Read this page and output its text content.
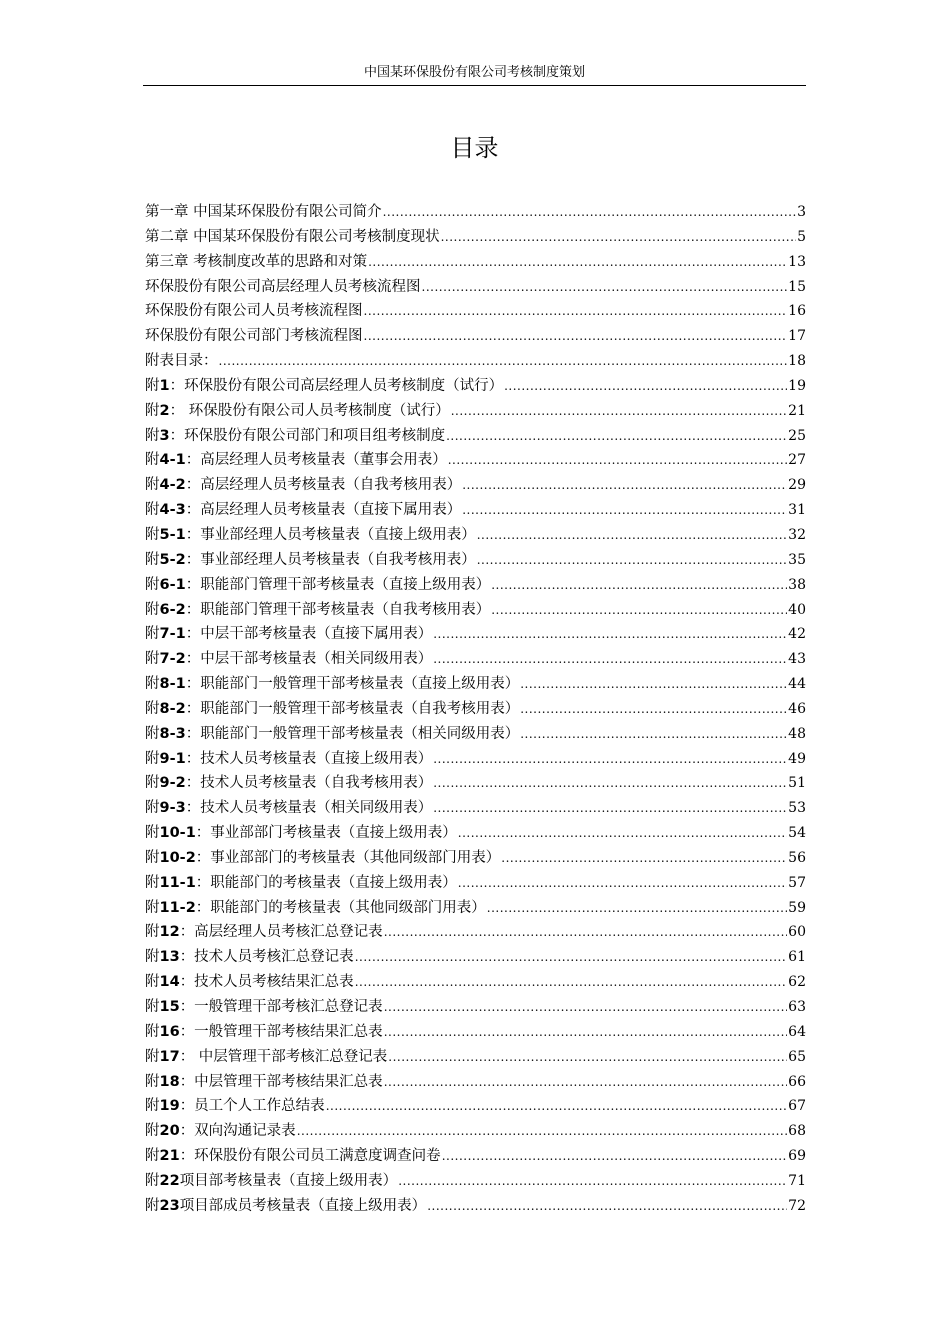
中国某环保股份有限公司考核制度策划
目录
第一章 中国某环保股份有限公司简介 .....	3
第二章 中国某环保股份有限公司考核制度现状 .....	5
第三章 考核制度改革的思路和对策 .....	13
环保股份有限公司高层经理人员考核流程图 .....	15
环保股份有限公司人员考核流程图 .....	16
环保股份有限公司部门考核流程图 .....	17
附表目录： .....	18
附 1 ：环保股份有限公司高层经理人员考核制度（试行） .....	19
附 2 ： 环保股份有限公司人员考核制度（试行） .....	21
附 3 ：环保股份有限公司部门和项目组考核制度 .....	25
附 4-1 ：高层经理人员考核量表（董事会用表） .....	27
附 4-2 ：高层经理人员考核量表（自我考核用表） .....	29
附 4-3 ：高层经理人员考核量表（直接下属用表） .....	31
附 5-1 ：事业部经理人员考核量表（直接上级用表） .....	32
附 5-2 ：事业部经理人员考核量表（自我考核用表） .....	35
附 6-1 ：职能部门管理干部考核量表（直接上级用表） .....	38
附 6-2 ：职能部门管理干部考核量表（自我考核用表） .....	40
附 7-1 ：中层干部考核量表（直接下属用表） .....	42
附 7-2 ：中层干部考核量表（相关同级用表） .....	43
附 8-1 ：职能部门一般管理干部考核量表（直接上级用表） .....	44
附 8-2 ：职能部门一般管理干部考核量表（自我考核用表） .....	46
附 8-3 ：职能部门一般管理干部考核量表（相关同级用表） .....	48
附 9-1 ：技术人员考核量表（直接上级用表） .....	49
附 9-2 ：技术人员考核量表（自我考核用表） .....	51
附 9-3 ：技术人员考核量表（相关同级用表） .....	53
附 10-1 ：事业部部门考核量表（直接上级用表） .....	54
附 10-2 ：事业部部门的考核量表（其他同级部门用表） .....	56
附 11-1 ：职能部门的考核量表（直接上级用表） .....	57
附 11-2 ：职能部门的考核量表（其他同级部门用表） .....	59
附 12 ：高层经理人员考核汇总登记表 .....	60
附 13 ：技术人员考核汇总登记表 .....	61
附 14 ：技术人员考核结果汇总表 .....	62
附 15 ：一般管理干部考核汇总登记表 .....	63
附 16 ：一般管理干部考核结果汇总表 .....	64
附 17 ： 中层管理干部考核汇总登记表 .....	65
附 18 ：中层管理干部考核结果汇总表 .....	66
附 19 ：员工个人工作总结表 .....	67
附 20 ：双向沟通记录表 .....	68
附 21 ：环保股份有限公司员工满意度调查问卷 .....	69
附 22 项目部考核量表（直接上级用表） .....	71
附 23 项目部成员考核量表（直接上级用表） .....	72
